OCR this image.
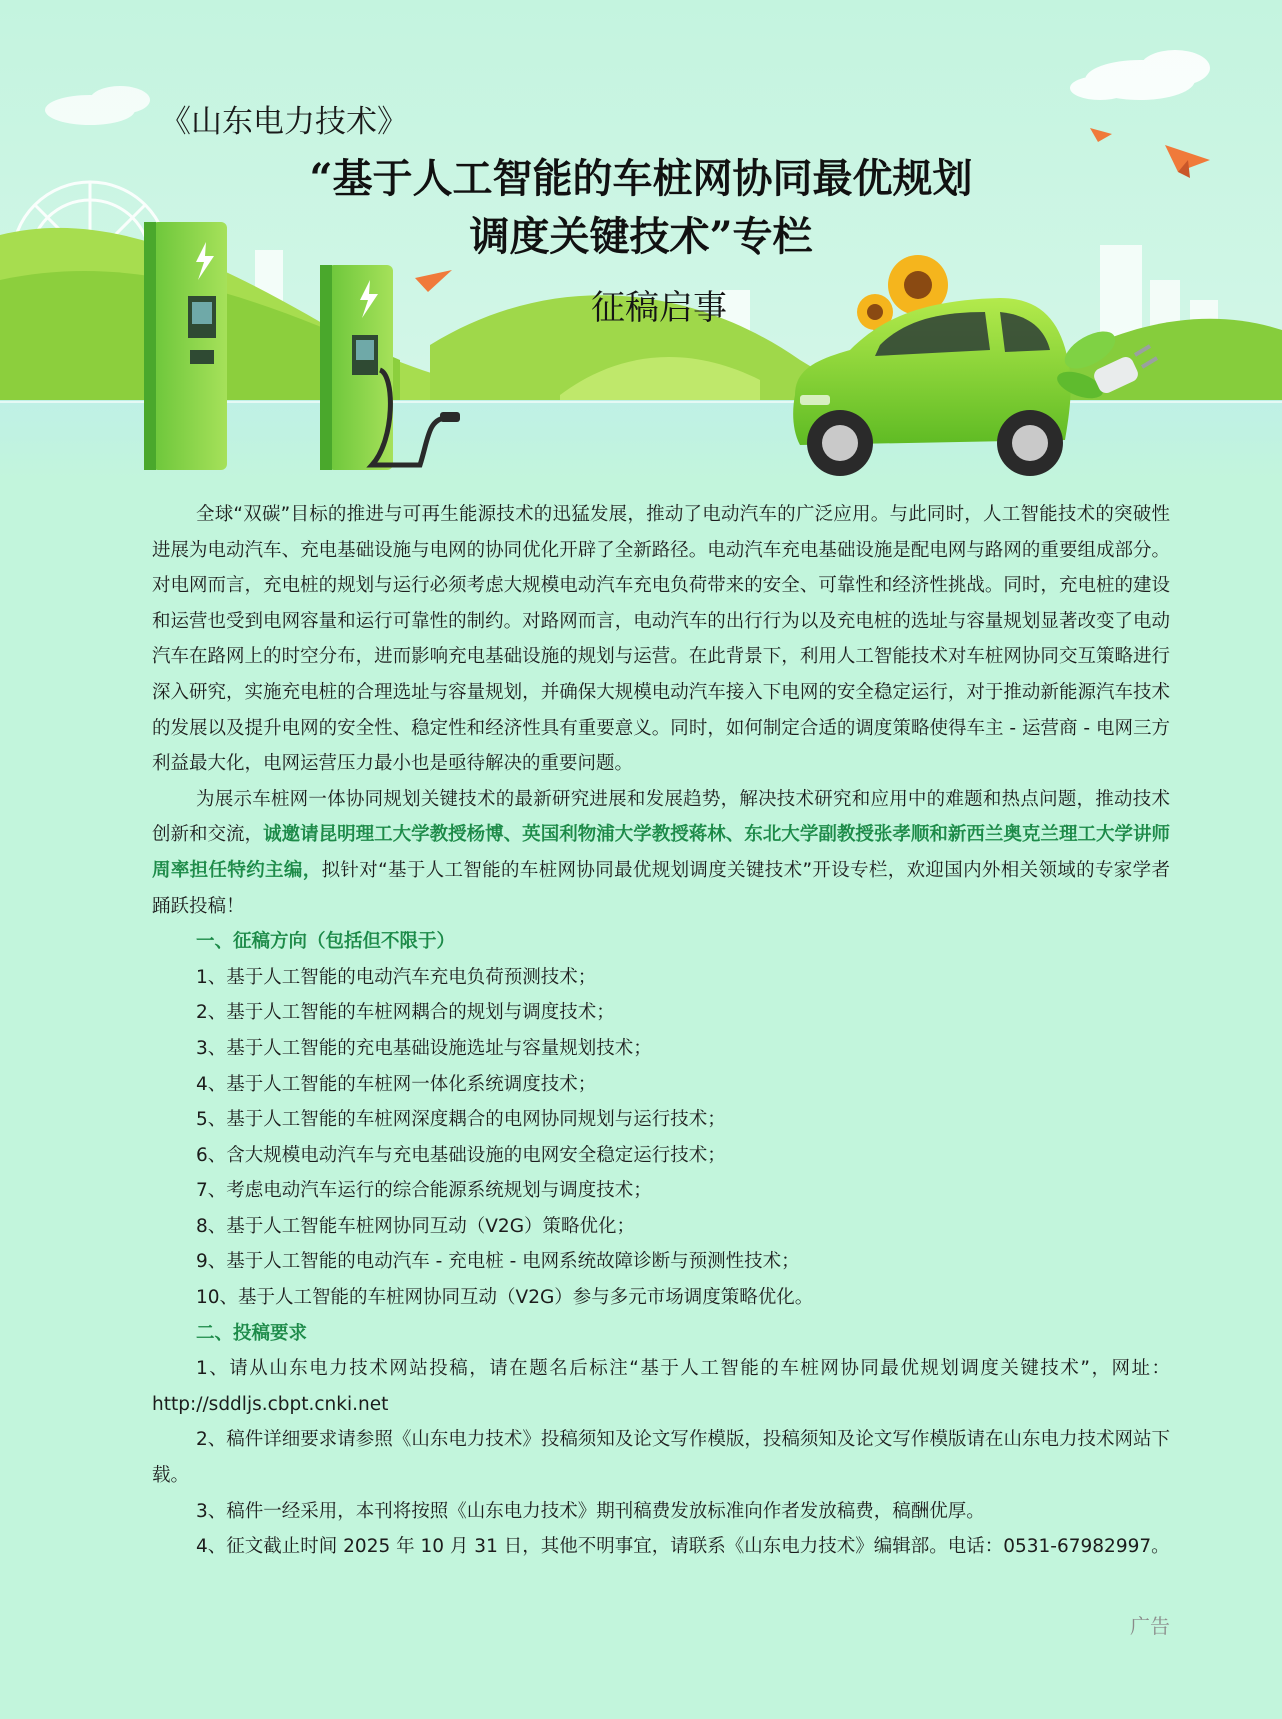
《山东电力技术》
“基于人工智能的车桩网协同最优规划
调度关键技术”专栏
征稿启事

全球“双碳”目标的推进与可再生能源技术的迅猛发展，推动了电动汽车的广泛应用。与此同时，人工智能技术的突破性进展为电动汽车、充电基础设施与电网的协同优化开辟了全新路径。电动汽车充电基础设施是配电网与路网的重要组成部分。对电网而言，充电桩的规划与运行必须考虑大规模电动汽车充电负荷带来的安全、可靠性和经济性挑战。同时，充电桩的建设和运营也受到电网容量和运行可靠性的制约。对路网而言，电动汽车的出行行为以及充电桩的选址与容量规划显著改变了电动汽车在路网上的时空分布，进而影响充电基础设施的规划与运营。在此背景下，利用人工智能技术对车桩网协同交互策略进行深入研究，实施充电桩的合理选址与容量规划，并确保大规模电动汽车接入下电网的安全稳定运行，对于推动新能源汽车技术的发展以及提升电网的安全性、稳定性和经济性具有重要意义。同时，如何制定合适的调度策略使得车主 - 运营商 - 电网三方利益最大化，电网运营压力最小也是亟待解决的重要问题。

为展示车桩网一体协同规划关键技术的最新研究进展和发展趋势，解决技术研究和应用中的难题和热点问题，推动技术创新和交流，诚邀请昆明理工大学教授杨博、英国利物浦大学教授蒋林、东北大学副教授张孝顺和新西兰奥克兰理工大学讲师周率担任特约主编，拟针对“基于人工智能的车桩网协同最优规划调度关键技术”开设专栏，欢迎国内外相关领域的专家学者踊跃投稿！

一、征稿方向（包括但不限于）

1、基于人工智能的电动汽车充电负荷预测技术；

2、基于人工智能的车桩网耦合的规划与调度技术；

3、基于人工智能的充电基础设施选址与容量规划技术；

4、基于人工智能的车桩网一体化系统调度技术；

5、基于人工智能的车桩网深度耦合的电网协同规划与运行技术；

6、含大规模电动汽车与充电基础设施的电网安全稳定运行技术；

7、考虑电动汽车运行的综合能源系统规划与调度技术；

8、基于人工智能车桩网协同互动（V2G）策略优化；

9、基于人工智能的电动汽车 - 充电桩 - 电网系统故障诊断与预测性技术；

10、基于人工智能的车桩网协同互动（V2G）参与多元市场调度策略优化。

二、投稿要求

1、请从山东电力技术网站投稿，请在题名后标注“基于人工智能的车桩网协同最优规划调度关键技术”，网址：http://sddljs.cbpt.cnki.net

2、稿件详细要求请参照《山东电力技术》投稿须知及论文写作模版，投稿须知及论文写作模版请在山东电力技术网站下载。

3、稿件一经采用，本刊将按照《山东电力技术》期刊稿费发放标准向作者发放稿费，稿酬优厚。

4、征文截止时间 2025 年 10 月 31 日，其他不明事宜，请联系《山东电力技术》编辑部。电话：0531-67982997。

广告
